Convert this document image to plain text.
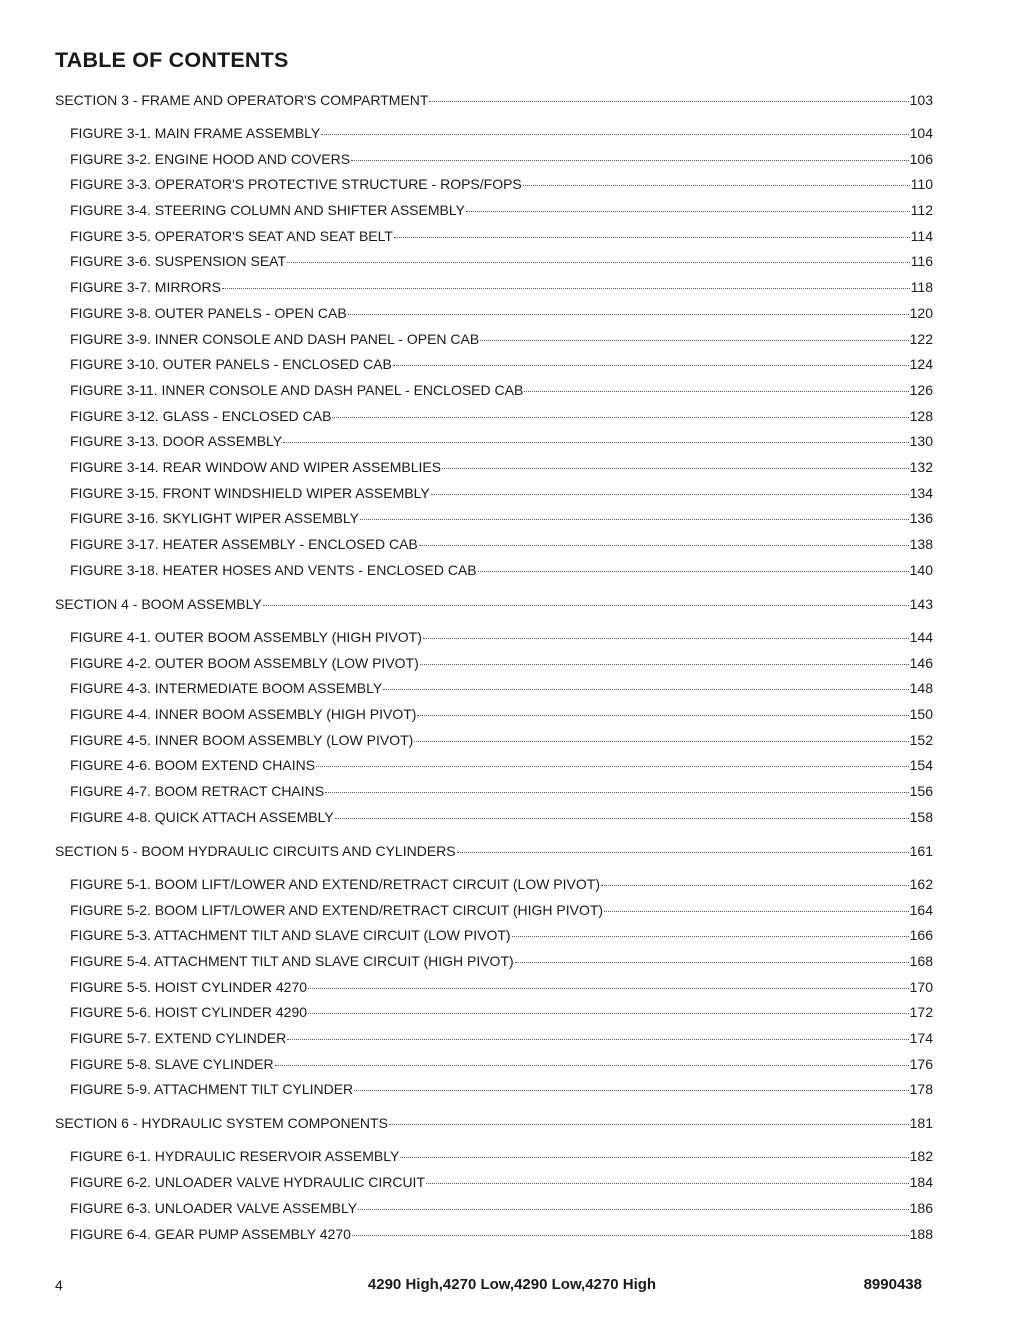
TABLE OF CONTENTS
SECTION 3 - FRAME AND OPERATOR'S COMPARTMENT	103
FIGURE 3-1. MAIN FRAME ASSEMBLY	104
FIGURE 3-2. ENGINE HOOD AND COVERS	106
FIGURE 3-3. OPERATOR'S PROTECTIVE STRUCTURE - ROPS/FOPS	110
FIGURE 3-4. STEERING COLUMN AND SHIFTER ASSEMBLY	112
FIGURE 3-5. OPERATOR'S SEAT AND SEAT BELT	114
FIGURE 3-6. SUSPENSION SEAT	116
FIGURE 3-7. MIRRORS	118
FIGURE 3-8. OUTER PANELS - OPEN CAB	120
FIGURE 3-9. INNER CONSOLE AND DASH PANEL - OPEN CAB	122
FIGURE 3-10. OUTER PANELS - ENCLOSED CAB	124
FIGURE 3-11. INNER CONSOLE AND DASH PANEL - ENCLOSED CAB	126
FIGURE 3-12. GLASS - ENCLOSED CAB	128
FIGURE 3-13. DOOR ASSEMBLY	130
FIGURE 3-14. REAR WINDOW AND WIPER ASSEMBLIES	132
FIGURE 3-15. FRONT WINDSHIELD WIPER ASSEMBLY	134
FIGURE 3-16. SKYLIGHT WIPER ASSEMBLY	136
FIGURE 3-17. HEATER ASSEMBLY - ENCLOSED CAB	138
FIGURE 3-18. HEATER HOSES AND VENTS - ENCLOSED CAB	140
SECTION 4 - BOOM ASSEMBLY	143
FIGURE 4-1. OUTER BOOM ASSEMBLY (HIGH PIVOT)	144
FIGURE 4-2. OUTER BOOM ASSEMBLY (LOW PIVOT)	146
FIGURE 4-3. INTERMEDIATE BOOM ASSEMBLY	148
FIGURE 4-4. INNER BOOM ASSEMBLY (HIGH PIVOT)	150
FIGURE 4-5. INNER BOOM ASSEMBLY (LOW PIVOT)	152
FIGURE 4-6. BOOM EXTEND CHAINS	154
FIGURE 4-7. BOOM RETRACT CHAINS	156
FIGURE 4-8. QUICK ATTACH ASSEMBLY	158
SECTION 5 - BOOM HYDRAULIC CIRCUITS AND CYLINDERS	161
FIGURE 5-1. BOOM LIFT/LOWER AND EXTEND/RETRACT CIRCUIT (LOW PIVOT)	162
FIGURE 5-2. BOOM LIFT/LOWER AND EXTEND/RETRACT CIRCUIT (HIGH PIVOT)	164
FIGURE 5-3. ATTACHMENT TILT AND SLAVE CIRCUIT (LOW PIVOT)	166
FIGURE 5-4. ATTACHMENT TILT AND SLAVE CIRCUIT (HIGH PIVOT)	168
FIGURE 5-5. HOIST CYLINDER 4270	170
FIGURE 5-6. HOIST CYLINDER 4290	172
FIGURE 5-7. EXTEND CYLINDER	174
FIGURE 5-8. SLAVE CYLINDER	176
FIGURE 5-9. ATTACHMENT TILT CYLINDER	178
SECTION 6 - HYDRAULIC SYSTEM COMPONENTS	181
FIGURE 6-1. HYDRAULIC RESERVOIR ASSEMBLY	182
FIGURE 6-2. UNLOADER VALVE HYDRAULIC CIRCUIT	184
FIGURE 6-3. UNLOADER VALVE ASSEMBLY	186
FIGURE 6-4. GEAR PUMP ASSEMBLY 4270	188
4	4290 High,4270 Low,4290 Low,4270 High	8990438
